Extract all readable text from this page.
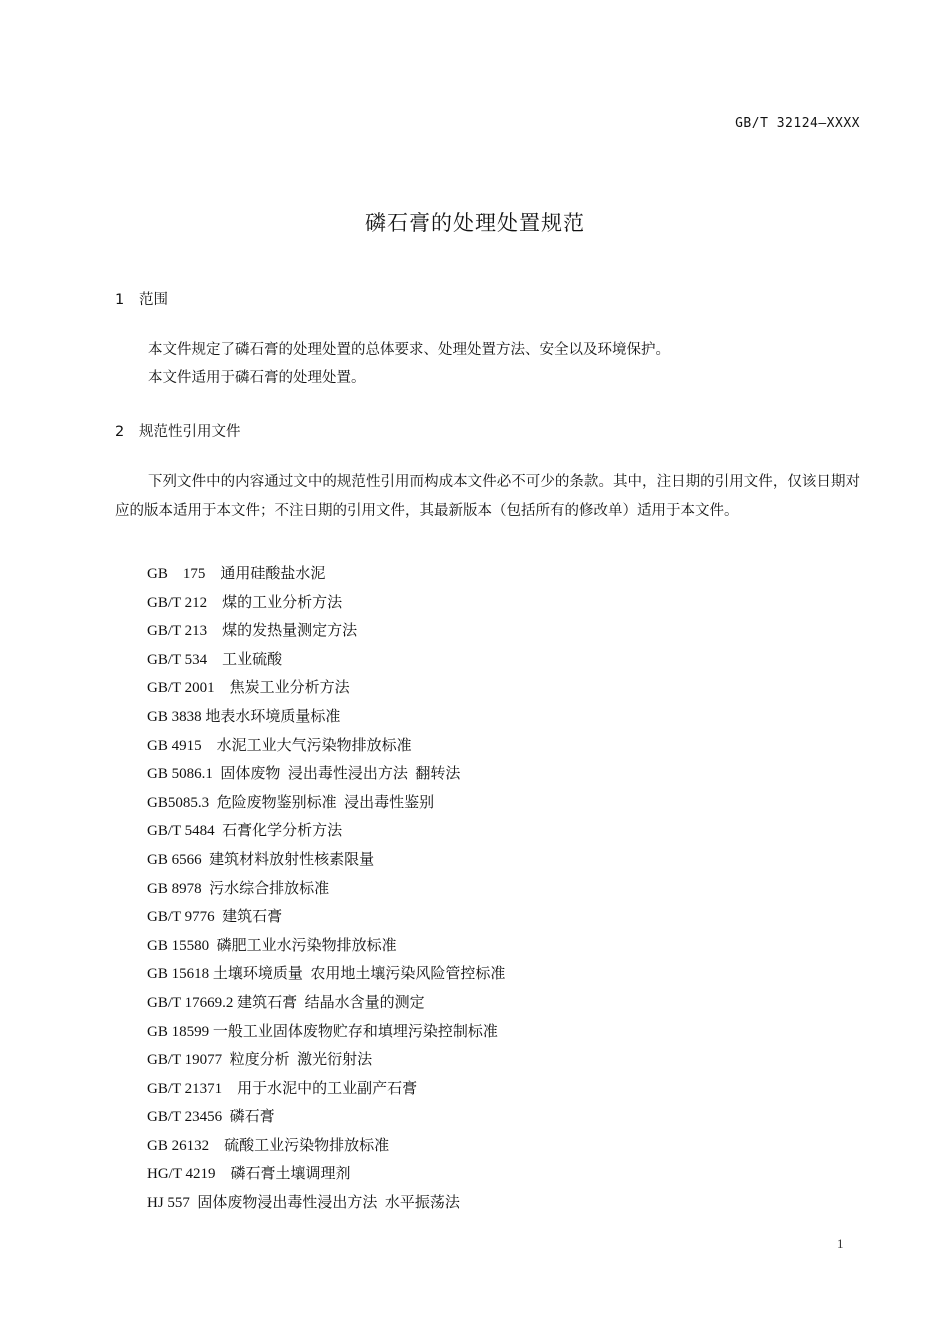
GB/T 32124—XXXX
磷石膏的处理处置规范
1 范围
本文件规定了磷石膏的处理处置的总体要求、处理处置方法、安全以及环境保护。
本文件适用于磷石膏的处理处置。
2 规范性引用文件
下列文件中的内容通过文中的规范性引用而构成本文件必不可少的条款。其中，注日期的引用文件，仅该日期对应的版本适用于本文件；不注日期的引用文件，其最新版本（包括所有的修改单）适用于本文件。
GB    175    通用硅酸盐水泥
GB/T 212    煤的工业分析方法
GB/T 213    煤的发热量测定方法
GB/T 534    工业硫酸
GB/T 2001    焦炭工业分析方法
GB 3838 地表水环境质量标准
GB 4915    水泥工业大气污染物排放标准
GB 5086.1  固体废物  浸出毒性浸出方法  翻转法
GB5085.3  危险废物鉴别标准  浸出毒性鉴别
GB/T 5484  石膏化学分析方法
GB 6566  建筑材料放射性核素限量
GB 8978  污水综合排放标准
GB/T 9776  建筑石膏
GB 15580  磷肥工业水污染物排放标准
GB 15618 土壤环境质量  农用地土壤污染风险管控标准
GB/T 17669.2 建筑石膏  结晶水含量的测定
GB 18599 一般工业固体废物贮存和填埋污染控制标准
GB/T 19077  粒度分析  激光衍射法
GB/T 21371    用于水泥中的工业副产石膏
GB/T 23456  磷石膏
GB 26132    硫酸工业污染物排放标准
HG/T 4219    磷石膏土壤调理剂
HJ 557  固体废物浸出毒性浸出方法  水平振荡法
1
